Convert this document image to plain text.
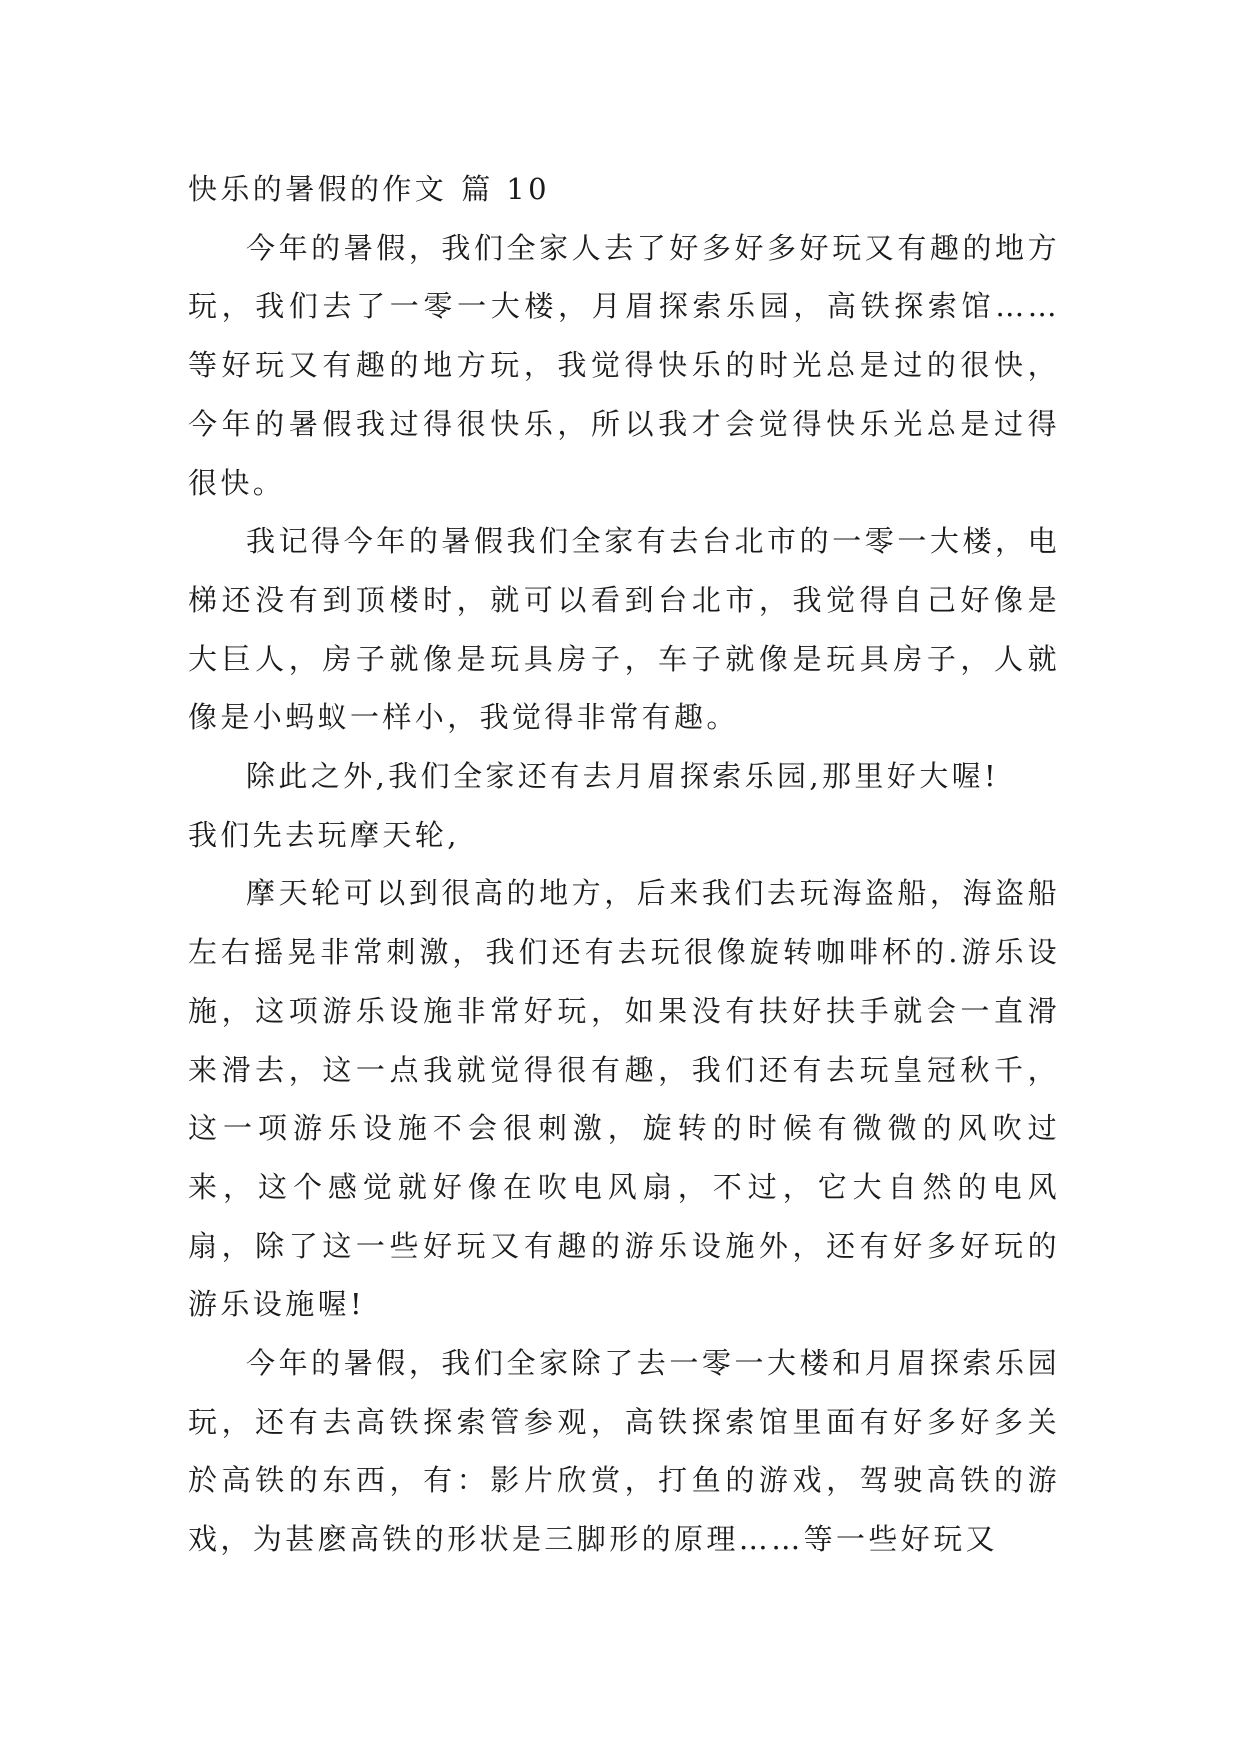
快乐的暑假的作文 篇 10

今年的暑假，我们全家人去了好多好多好玩又有趣的地方玩，我们去了一零一大楼，月眉探索乐园，高铁探索馆……等好玩又有趣的地方玩，我觉得快乐的时光总是过的很快，今年的暑假我过得很快乐，所以我才会觉得快乐光总是过得很快。

我记得今年的暑假我们全家有去台北市的一零一大楼，电梯还没有到顶楼时，就可以看到台北市，我觉得自己好像是大巨人，房子就像是玩具房子，车子就像是玩具房子，人就像是小蚂蚁一样小，我觉得非常有趣。

除此之外,我们全家还有去月眉探索乐园,那里好大喔!

我们先去玩摩天轮,

摩天轮可以到很高的地方，后来我们去玩海盗船，海盗船左右摇晃非常刺激，我们还有去玩很像旋转咖啡杯的.游乐设施，这项游乐设施非常好玩，如果没有扶好扶手就会一直滑来滑去，这一点我就觉得很有趣，我们还有去玩皇冠秋千，这一项游乐设施不会很刺激，旋转的时候有微微的风吹过来，这个感觉就好像在吹电风扇，不过，它大自然的电风扇，除了这一些好玩又有趣的游乐设施外，还有好多好玩的游乐设施喔!

今年的暑假，我们全家除了去一零一大楼和月眉探索乐园玩，还有去高铁探索管参观，高铁探索馆里面有好多好多关於高铁的东西，有：影片欣赏，打鱼的游戏，驾驶高铁的游戏，为甚麽高铁的形状是三脚形的原理……等一些好玩又
